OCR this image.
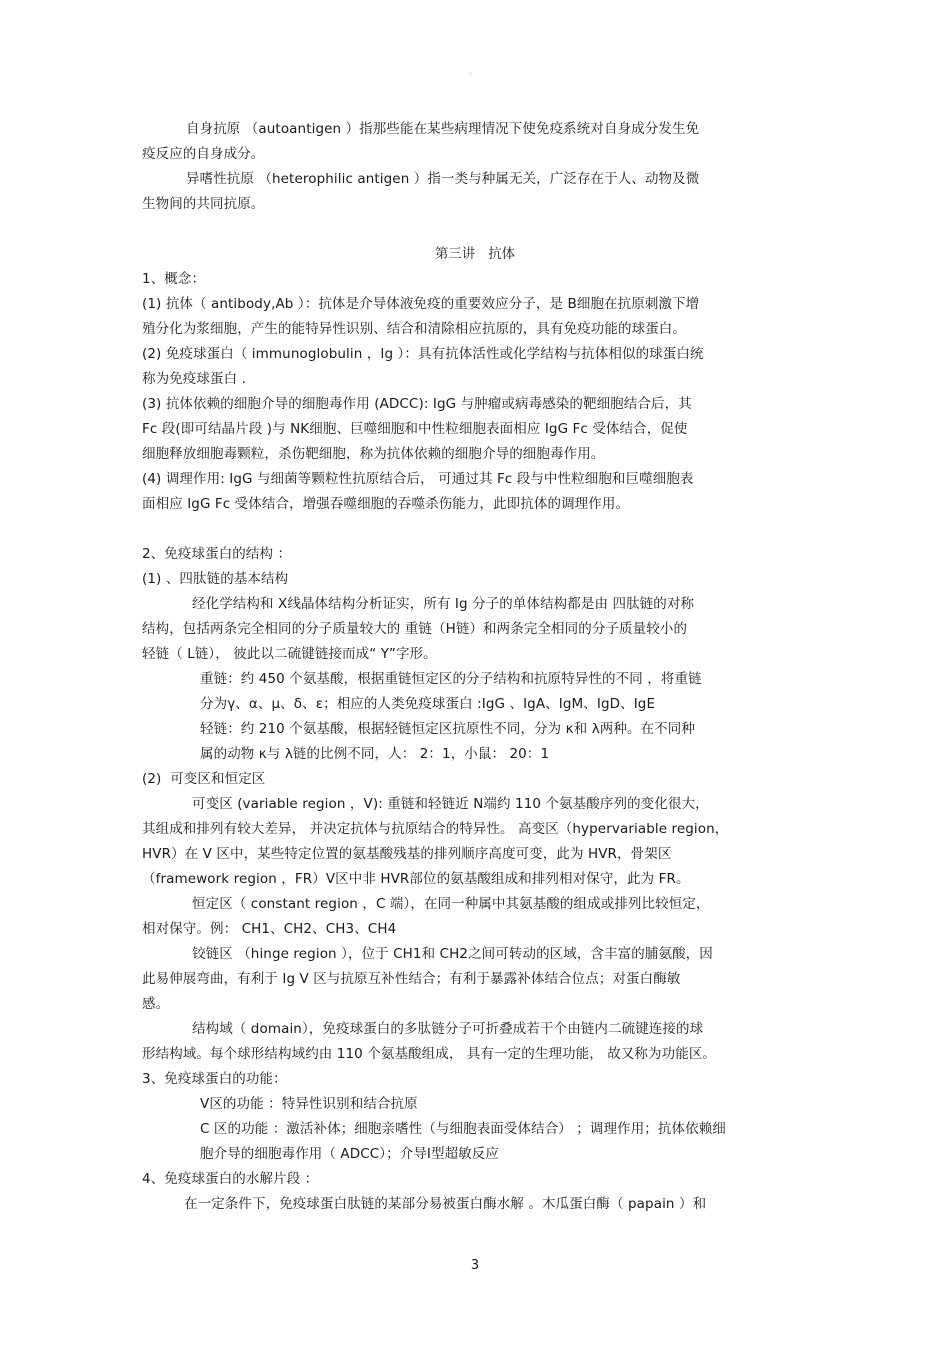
。
自身抗原 （autoantigen ）指那些能在某些病理情况下使免疫系统对自身成分发生免
疫反应的自身成分。
异嗜性抗原 （heterophilic antigen ）指一类与种属无关，广泛存在于人、动物及微
生物间的共同抗原。
第三讲   抗体
1、概念：
(1) 抗体（ antibody,Ab ）：抗体是介导体液免疫的重要效应分子，是 B细胞在抗原刺激下增
殖分化为浆细胞，产生的能特异性识别、结合和清除相应抗原的，具有免疫功能的球蛋白。
(2) 免疫球蛋白（ immunoglobulin ，Ig ）：具有抗体活性或化学结构与抗体相似的球蛋白统
称为免疫球蛋白 .
(3) 抗体依赖的细胞介导的细胞毒作用 (ADCC): IgG 与肿瘤或病毒感染的靶细胞结合后，其
Fc 段(即可结晶片段 )与 NK细胞、巨噬细胞和中性粒细胞表面相应 IgG Fc 受体结合，促使
细胞释放细胞毒颗粒，杀伤靶细胞，称为抗体依赖的细胞介导的细胞毒作用。
(4) 调理作用: IgG 与细菌等颗粒性抗原结合后， 可通过其 Fc 段与中性粒细胞和巨噬细胞表
面相应 IgG Fc 受体结合，增强吞噬细胞的吞噬杀伤能力，此即抗体的调理作用。
2、免疫球蛋白的结构 ：
(1) 、四肽链的基本结构
经化学结构和 X线晶体结构分析证实，所有 Ig 分子的单体结构都是由 四肽链的对称
结构，包括两条完全相同的分子质量较大的 重链（H链）和两条完全相同的分子质量较小的
轻链（ L链）， 彼此以二硫键链接而成“ Y”字形。
重链：约 450 个氨基酸，根据重链恒定区的分子结构和抗原特异性的不同 ，将重链
分为γ、α、μ、δ、ε；相应的人类免疫球蛋白 :IgG 、IgA、IgM、IgD、IgE
轻链：约 210 个氨基酸，根据轻链恒定区抗原性不同，分为 κ和 λ两种。在不同种
属的动物 κ与 λ链的比例不同，人： 2：1，小鼠： 20：1
(2)  可变区和恒定区
可变区 (variable region ，V): 重链和轻链近 N端约 110 个氨基酸序列的变化很大，
其组成和排列有较大差异， 并决定抗体与抗原结合的特异性。 高变区（hypervariable region，
HVR）在 V 区中，某些特定位置的氨基酸残基的排列顺序高度可变，此为 HVR，骨架区
（framework region ，FR）V区中非 HVR部位的氨基酸组成和排列相对保守，此为 FR。
恒定区（ constant region ，C 端），在同一种属中其氨基酸的组成或排列比较恒定，
相对保守。例： CH1、CH2、CH3、CH4
铰链区 （hinge region ），位于 CH1和 CH2之间可转动的区域，含丰富的脯氨酸，因
此易伸展弯曲，有利于 Ig V 区与抗原互补性结合；有利于暴露补体结合位点；对蛋白酶敏
感。
结构域（ domain），免疫球蛋白的多肽链分子可折叠成若干个由链内二硫键连接的球
形结构域。每个球形结构域约由 110 个氨基酸组成， 具有一定的生理功能， 故又称为功能区。
3、免疫球蛋白的功能：
V区的功能 ：特异性识别和结合抗原
C 区的功能 ：激活补体；细胞亲嗜性（与细胞表面受体结合） ；调理作用；抗体依赖细
胞介导的细胞毒作用（ ADCC）；介导Ⅰ型超敏反应
4、免疫球蛋白的水解片段 ：
在一定条件下，免疫球蛋白肽链的某部分易被蛋白酶水解 。木瓜蛋白酶（ papain ）和
3
